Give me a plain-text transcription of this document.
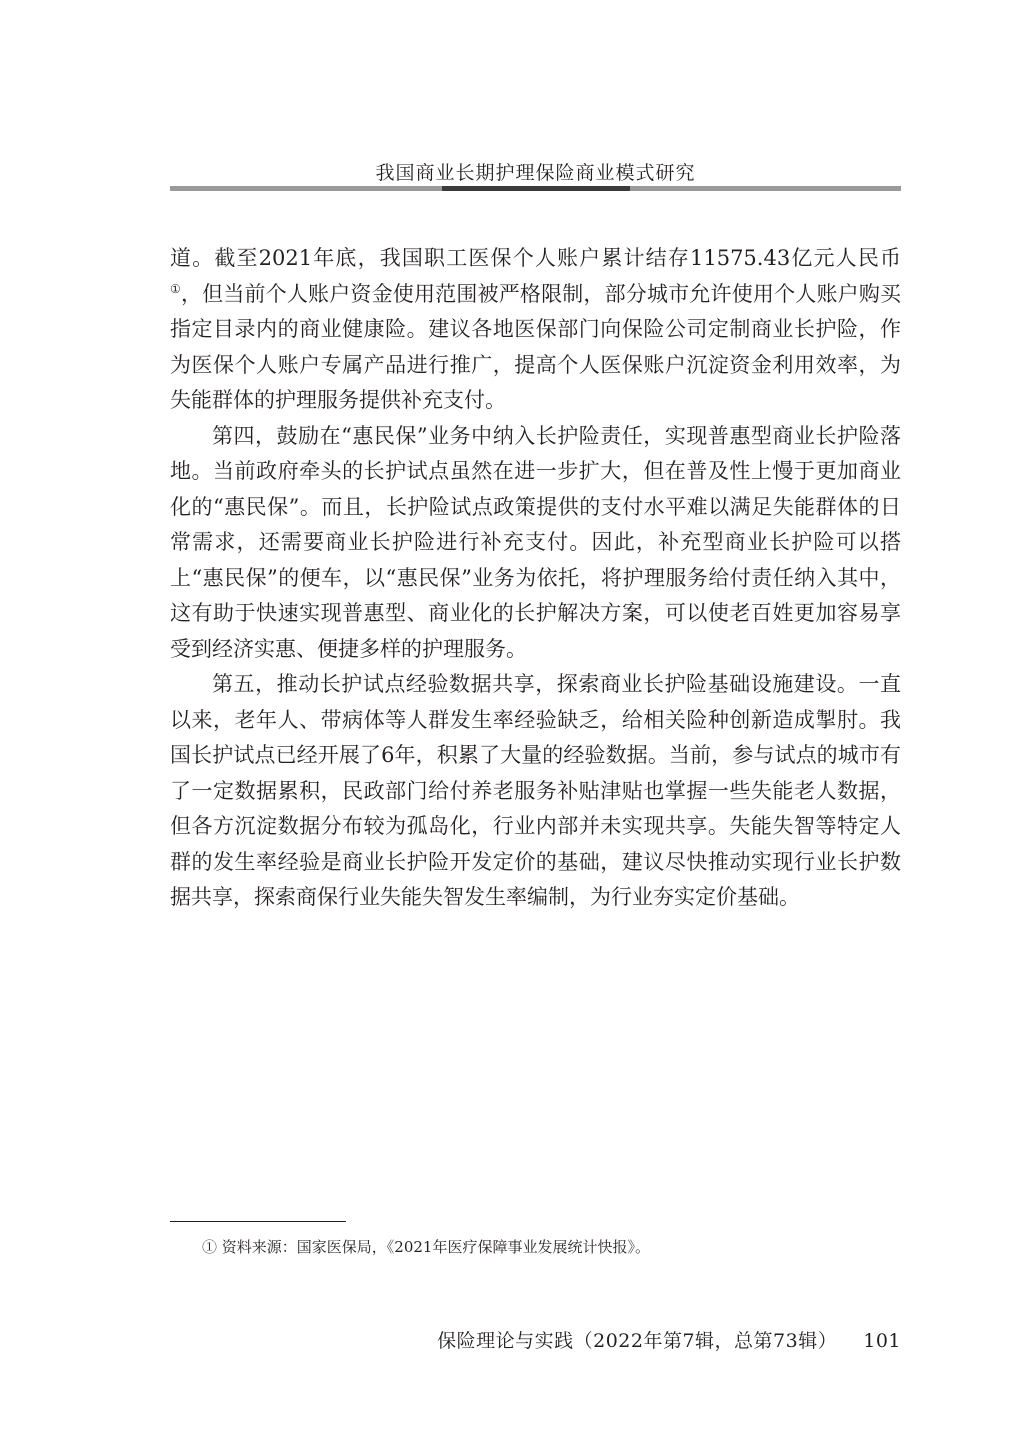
我国商业长期护理保险商业模式研究

道。截至2021年底，我国职工医保个人账户累计结存11575.43亿元人民币①，但当前个人账户资金使用范围被严格限制，部分城市允许使用个人账户购买指定目录内的商业健康险。建议各地医保部门向保险公司定制商业长护险，作为医保个人账户专属产品进行推广，提高个人医保账户沉淀资金利用效率，为失能群体的护理服务提供补充支付。

第四，鼓励在“惠民保”业务中纳入长护险责任，实现普惠型商业长护险落地。当前政府牵头的长护试点虽然在进一步扩大，但在普及性上慢于更加商业化的“惠民保”。而且，长护险试点政策提供的支付水平难以满足失能群体的日常需求，还需要商业长护险进行补充支付。因此，补充型商业长护险可以搭上“惠民保”的便车，以“惠民保”业务为依托，将护理服务给付责任纳入其中，这有助于快速实现普惠型、商业化的长护解决方案，可以使老百姓更加容易享受到经济实惠、便捷多样的护理服务。

第五，推动长护试点经验数据共享，探索商业长护险基础设施建设。一直以来，老年人、带病体等人群发生率经验缺乏，给相关险种创新造成掣肘。我国长护试点已经开展了6年，积累了大量的经验数据。当前，参与试点的城市有了一定数据累积，民政部门给付养老服务补贴津贴也掌握一些失能老人数据，但各方沉淀数据分布较为孤岛化，行业内部并未实现共享。失能失智等特定人群的发生率经验是商业长护险开发定价的基础，建议尽快推动实现行业长护数据共享，探索商保行业失能失智发生率编制，为行业夯实定价基础。

① 资料来源：国家医保局，《2021年医疗保障事业发展统计快报》。
保险理论与实践（2022年第7辑，总第73辑） 101
